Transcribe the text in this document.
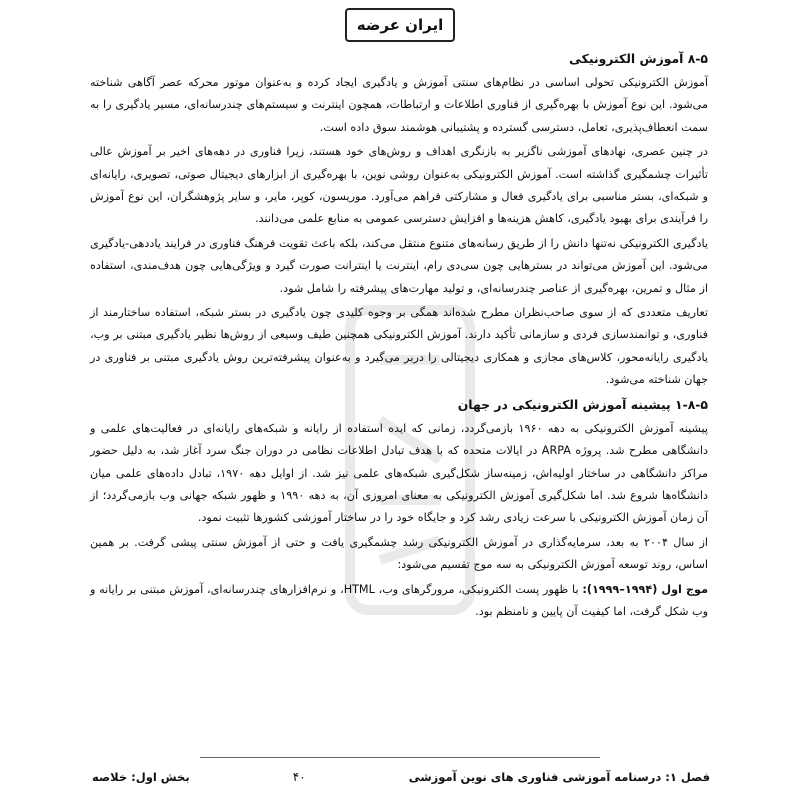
ایران عرضه
۸-۵ آموزش الکترونیکی

آموزش الکترونیکی تحولی اساسی در نظام‌های سنتی آموزش و یادگیری ایجاد کرده و به‌عنوان موتور محرکه عصر آگاهی شناخته می‌شود. این نوع آموزش با بهره‌گیری از فناوری اطلاعات و ارتباطات، همچون اینترنت و سیستم‌های چندرسانه‌ای، مسیر یادگیری را به سمت انعطاف‌پذیری، تعامل، دسترسی گسترده و پشتیبانی هوشمند سوق داده است.

در چنین عصری، نهادهای آموزشی ناگزیر به بازنگری اهداف و روش‌های خود هستند، زیرا فناوری در دهه‌های اخیر بر آموزش عالی تأثیرات چشمگیری گذاشته است. آموزش الکترونیکی به‌عنوان روشی نوین، با بهره‌گیری از ابزارهای دیجیتال صوتی، تصویری، رایانه‌ای و شبکه‌ای، بستر مناسبی برای یادگیری فعال و مشارکتی فراهم می‌آورد. موریسون، کوپر، مایر، و سایر پژوهشگران، این نوع آموزش را فرآیندی برای بهبود یادگیری، کاهش هزینه‌ها و افزایش دسترسی عمومی به منابع علمی می‌دانند.

یادگیری الکترونیکی نه‌تنها دانش را از طریق رسانه‌های متنوع منتقل می‌کند، بلکه باعث تقویت فرهنگ فناوری در فرایند یاددهی-یادگیری می‌شود. این آموزش می‌تواند در بسترهایی چون سی‌دی رام، اینترنت یا اینترانت صورت گیرد و ویژگی‌هایی چون هدف‌مندی، استفاده از مثال و تمرین، بهره‌گیری از عناصر چندرسانه‌ای، و تولید مهارت‌های پیشرفته را شامل شود.

تعاریف متعددی که از سوی صاحب‌نظران مطرح شده‌اند همگی بر وجوه کلیدی چون یادگیری در بستر شبکه، استفاده ساختارمند از فناوری، و توانمندسازی فردی و سازمانی تأکید دارند. آموزش الکترونیکی همچنین طیف وسیعی از روش‌ها نظیر یادگیری مبتنی بر وب، یادگیری رایانه‌محور، کلاس‌های مجازی و همکاری دیجیتالی را دربر می‌گیرد و به‌عنوان پیشرفته‌ترین روش یادگیری مبتنی بر فناوری در جهان شناخته می‌شود.

۱-۸-۵ پیشینه آموزش الکترونیکی در جهان

پیشینه آموزش الکترونیکی به دهه ۱۹۶۰ بازمی‌گردد، زمانی که ایده استفاده از رایانه و شبکه‌های رایانه‌ای در فعالیت‌های علمی و دانشگاهی مطرح شد. پروژه ARPA در ایالات متحده که با هدف تبادل اطلاعات نظامی در دوران جنگ سرد آغاز شد، به دلیل حضور مراکز دانشگاهی در ساختار اولیه‌اش، زمینه‌ساز شکل‌گیری شبکه‌های علمی نیز شد. از اوایل دهه ۱۹۷۰، تبادل داده‌های علمی میان دانشگاه‌ها شروع شد. اما شکل‌گیری آموزش الکترونیکی به معنای امروزی آن، به دهه ۱۹۹۰ و ظهور شبکه جهانی وب بازمی‌گردد؛ از آن زمان آموزش الکترونیکی با سرعت زیادی رشد کرد و جایگاه خود را در ساختار آموزشی کشورها تثبیت نمود.

از سال ۲۰۰۴ به بعد، سرمایه‌گذاری در آموزش الکترونیکی رشد چشمگیری یافت و حتی از آموزش سنتی پیشی گرفت. بر همین اساس، روند توسعه آموزش الکترونیکی به سه موج تقسیم می‌شود:

موج اول (۱۹۹۴–۱۹۹۹): با ظهور پست الکترونیکی، مرورگرهای وب، HTML، و نرم‌افزارهای چندرسانه‌ای، آموزش مبتنی بر رایانه و وب شکل گرفت، اما کیفیت آن پایین و نامنظم بود.

فصل ۱: درسنامه آموزشی فناوری های نوین آموزشی
۴۰
بخش اول: خلاصه
